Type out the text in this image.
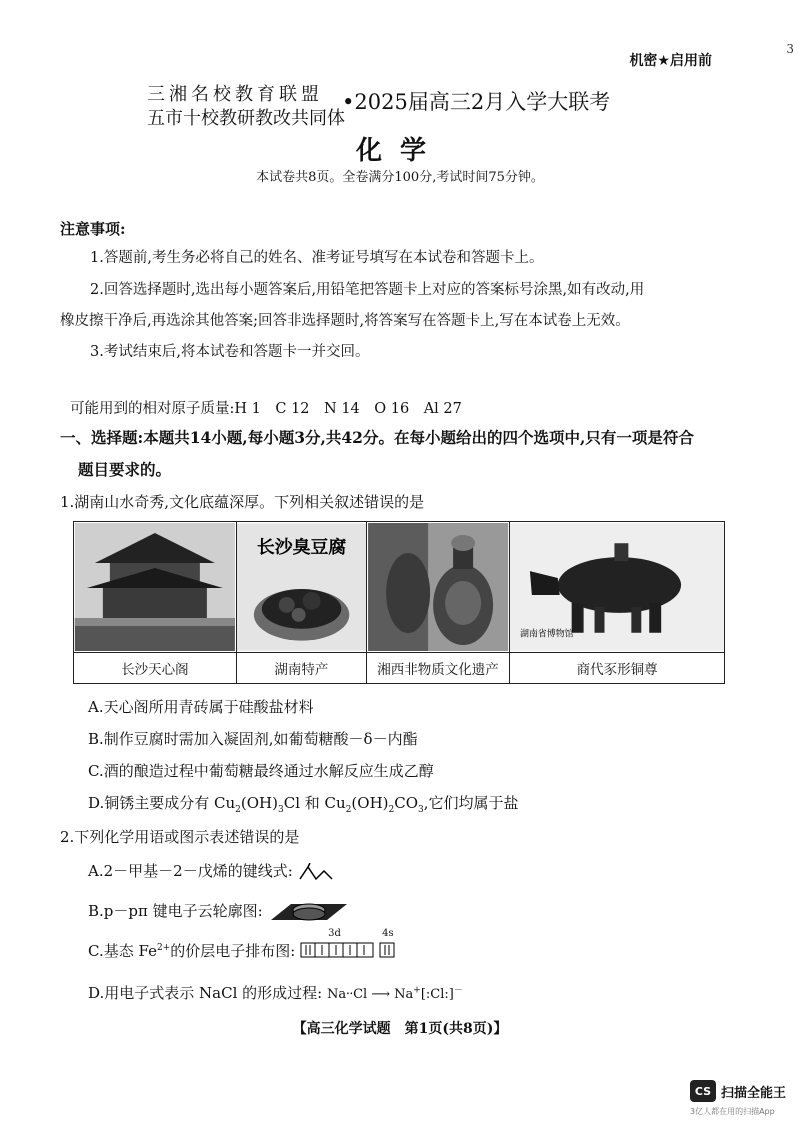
机密★启用前
3
三湘名校教育联盟
五市十校教研教改共同体
•2025届高三2月入学大联考
化学
本试卷共8页。全卷满分100分,考试时间75分钟。
注意事项:
1.答题前,考生务必将自己的姓名、准考证号填写在本试卷和答题卡上。
2.回答选择题时,选出每小题答案后,用铅笔把答题卡上对应的答案标号涂黑,如有改动,用
橡皮擦干净后,再选涂其他答案;回答非选择题时,将答案写在答题卡上,写在本试卷上无效。
3.考试结束后,将本试卷和答题卡一并交回。
可能用到的相对原子质量:H 1　C 12　N 14　O 16　Al 27
一、选择题:本题共14小题,每小题3分,共42分。在每小题给出的四个选项中,只有一项是符合
题目要求的。
1.湖南山水奇秀,文化底蕴深厚。下列相关叙述错误的是

长沙臭豆腐		湖南省博物馆

长沙天心阁	湖南特产	湘西非物质文化遗产	商代豕形铜尊
A.天心阁所用青砖属于硅酸盐材料
B.制作豆腐时需加入凝固剂,如葡萄糖酸－δ－内酯
C.酒的酿造过程中葡萄糖最终通过水解反应生成乙醇
D.铜锈主要成分有 $Cu_2(OH)_3Cl$ 和 $Cu_2(OH)_2CO_3$,它们均属于盐
2.下列化学用语或图示表述错误的是
A.2－甲基－2－戊烯的键线式:
B.p－pπ 键电子云轮廓图:
C.基态 $Fe^{2+}$的价层电子排布图:
3d	4s
D.用电子式表示 NaCl 的形成过程: Na⸱⸱Cl ⟶ Na+[:Cl:]－
【高三化学试题　第1页(共8页)】
CS 扫描全能王
3亿人都在用的扫描App
